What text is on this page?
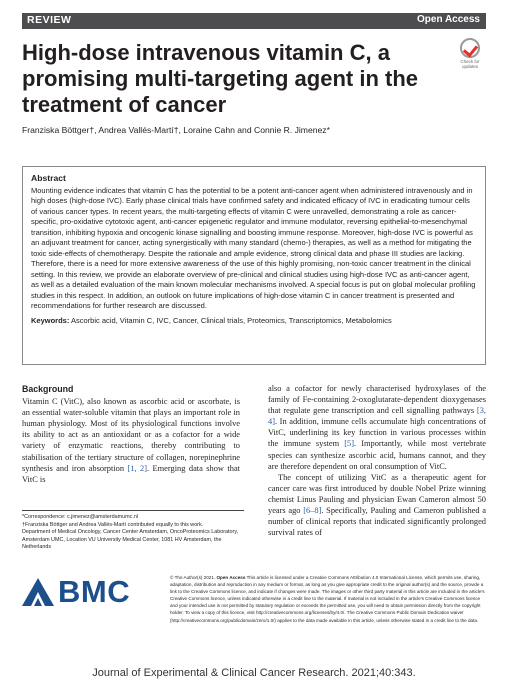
REVIEW	Open Access
High-dose intravenous vitamin C, a promising multi-targeting agent in the treatment of cancer
Check for
updates
Franziska Böttger†, Andrea Vallés-Martí†, Loraine Cahn and Connie R. Jimenez*
Abstract
Mounting evidence indicates that vitamin C has the potential to be a potent anti-cancer agent when administered intravenously and in high doses (high-dose IVC). Early phase clinical trials have confirmed safety and indicated efficacy of IVC in eradicating tumour cells of various cancer types. In recent years, the multi-targeting effects of vitamin C were unravelled, demonstrating a role as cancer-specific, pro-oxidative cytotoxic agent, anti-cancer epigenetic regulator and immune modulator, reversing epithelial-to-mesenchymal transition, inhibiting hypoxia and oncogenic kinase signalling and boosting immune response. Moreover, high-dose IVC is powerful as an adjuvant treatment for cancer, acting synergistically with many standard (chemo-) therapies, as well as a method for mitigating the toxic side-effects of chemotherapy. Despite the rationale and ample evidence, strong clinical data and phase III studies are lacking. Therefore, there is a need for more extensive awareness of the use of this highly promising, non-toxic cancer treatment in the clinical setting. In this review, we provide an elaborate overview of pre-clinical and clinical studies using high-dose IVC as anti-cancer agent, as well as a detailed evaluation of the main known molecular mechanisms involved. A special focus is put on global molecular profiling studies in this respect. In addition, an outlook on future implications of high-dose vitamin C in cancer treatment is presented and recommendations for further research are discussed.
Keywords: Ascorbic acid, Vitamin C, IVC, Cancer, Clinical trials, Proteomics, Transcriptomics, Metabolomics
Background

Vitamin C (VitC), also known as ascorbic acid or ascorbate, is an essential water-soluble vitamin that plays an important role in human physiology. Most of its physiological functions involve its ability to act as an antioxidant or as a cofactor for a wide variety of enzymatic reactions, thereby contributing to stabilisation of the tertiary structure of collagen, norepinephrine synthesis and iron absorption [1, 2]. Emerging data show that VitC is

also a cofactor for newly characterised hydroxylases of the family of Fe-containing 2-oxoglutarate-dependent dioxygenases that regulate gene transcription and cell signalling pathways [3, 4]. In addition, immune cells accumulate high concentrations of VitC, underlining its key function in various processes within the immune system [5]. Importantly, while most vertebrate species can synthesize ascorbic acid, humans cannot, and they are therefore dependent on oral consumption of VitC.

The concept of utilizing VitC as a therapeutic agent for cancer care was first introduced by double Nobel Prize winning chemist Linus Pauling and physician Ewan Cameron almost 50 years ago [6–8]. Specifically, Pauling and Cameron published a number of clinical reports that indicated significantly prolonged survival rates of

*Correspondence: c.jimenez@amsterdamumc.nl
†Franziska Böttger and Andrea Vallés-Martí contributed equally to this work.
Department of Medical Oncology, Cancer Center Amsterdam, OncoProteomics Laboratory, Amsterdam UMC, Location VU University Medical Center, 1081 HV Amsterdam, the Netherlands
BMC	© The Author(s) 2021. Open Access This article is licensed under a Creative Commons Attribution 4.0 International License, which permits use, sharing, adaptation, distribution and reproduction in any medium or format, as long as you give appropriate credit to the original author(s) and the source, provide a link to the Creative Commons licence, and indicate if changes were made. The images or other third party material in this article are included in the article's Creative Commons licence, unless indicated otherwise in a credit line to the material. If material is not included in the article's Creative Commons licence and your intended use is not permitted by statutory regulation or exceeds the permitted use, you will need to obtain permission directly from the copyright holder. To view a copy of this licence, visit http://creativecommons.org/licenses/by/4.0/. The Creative Commons Public Domain Dedication waiver (http://creativecommons.org/publicdomain/zero/1.0/) applies to the data made available in this article, unless otherwise stated in a credit line to the data.
Journal of Experimental & Clinical Cancer Research. 2021;40:343.
